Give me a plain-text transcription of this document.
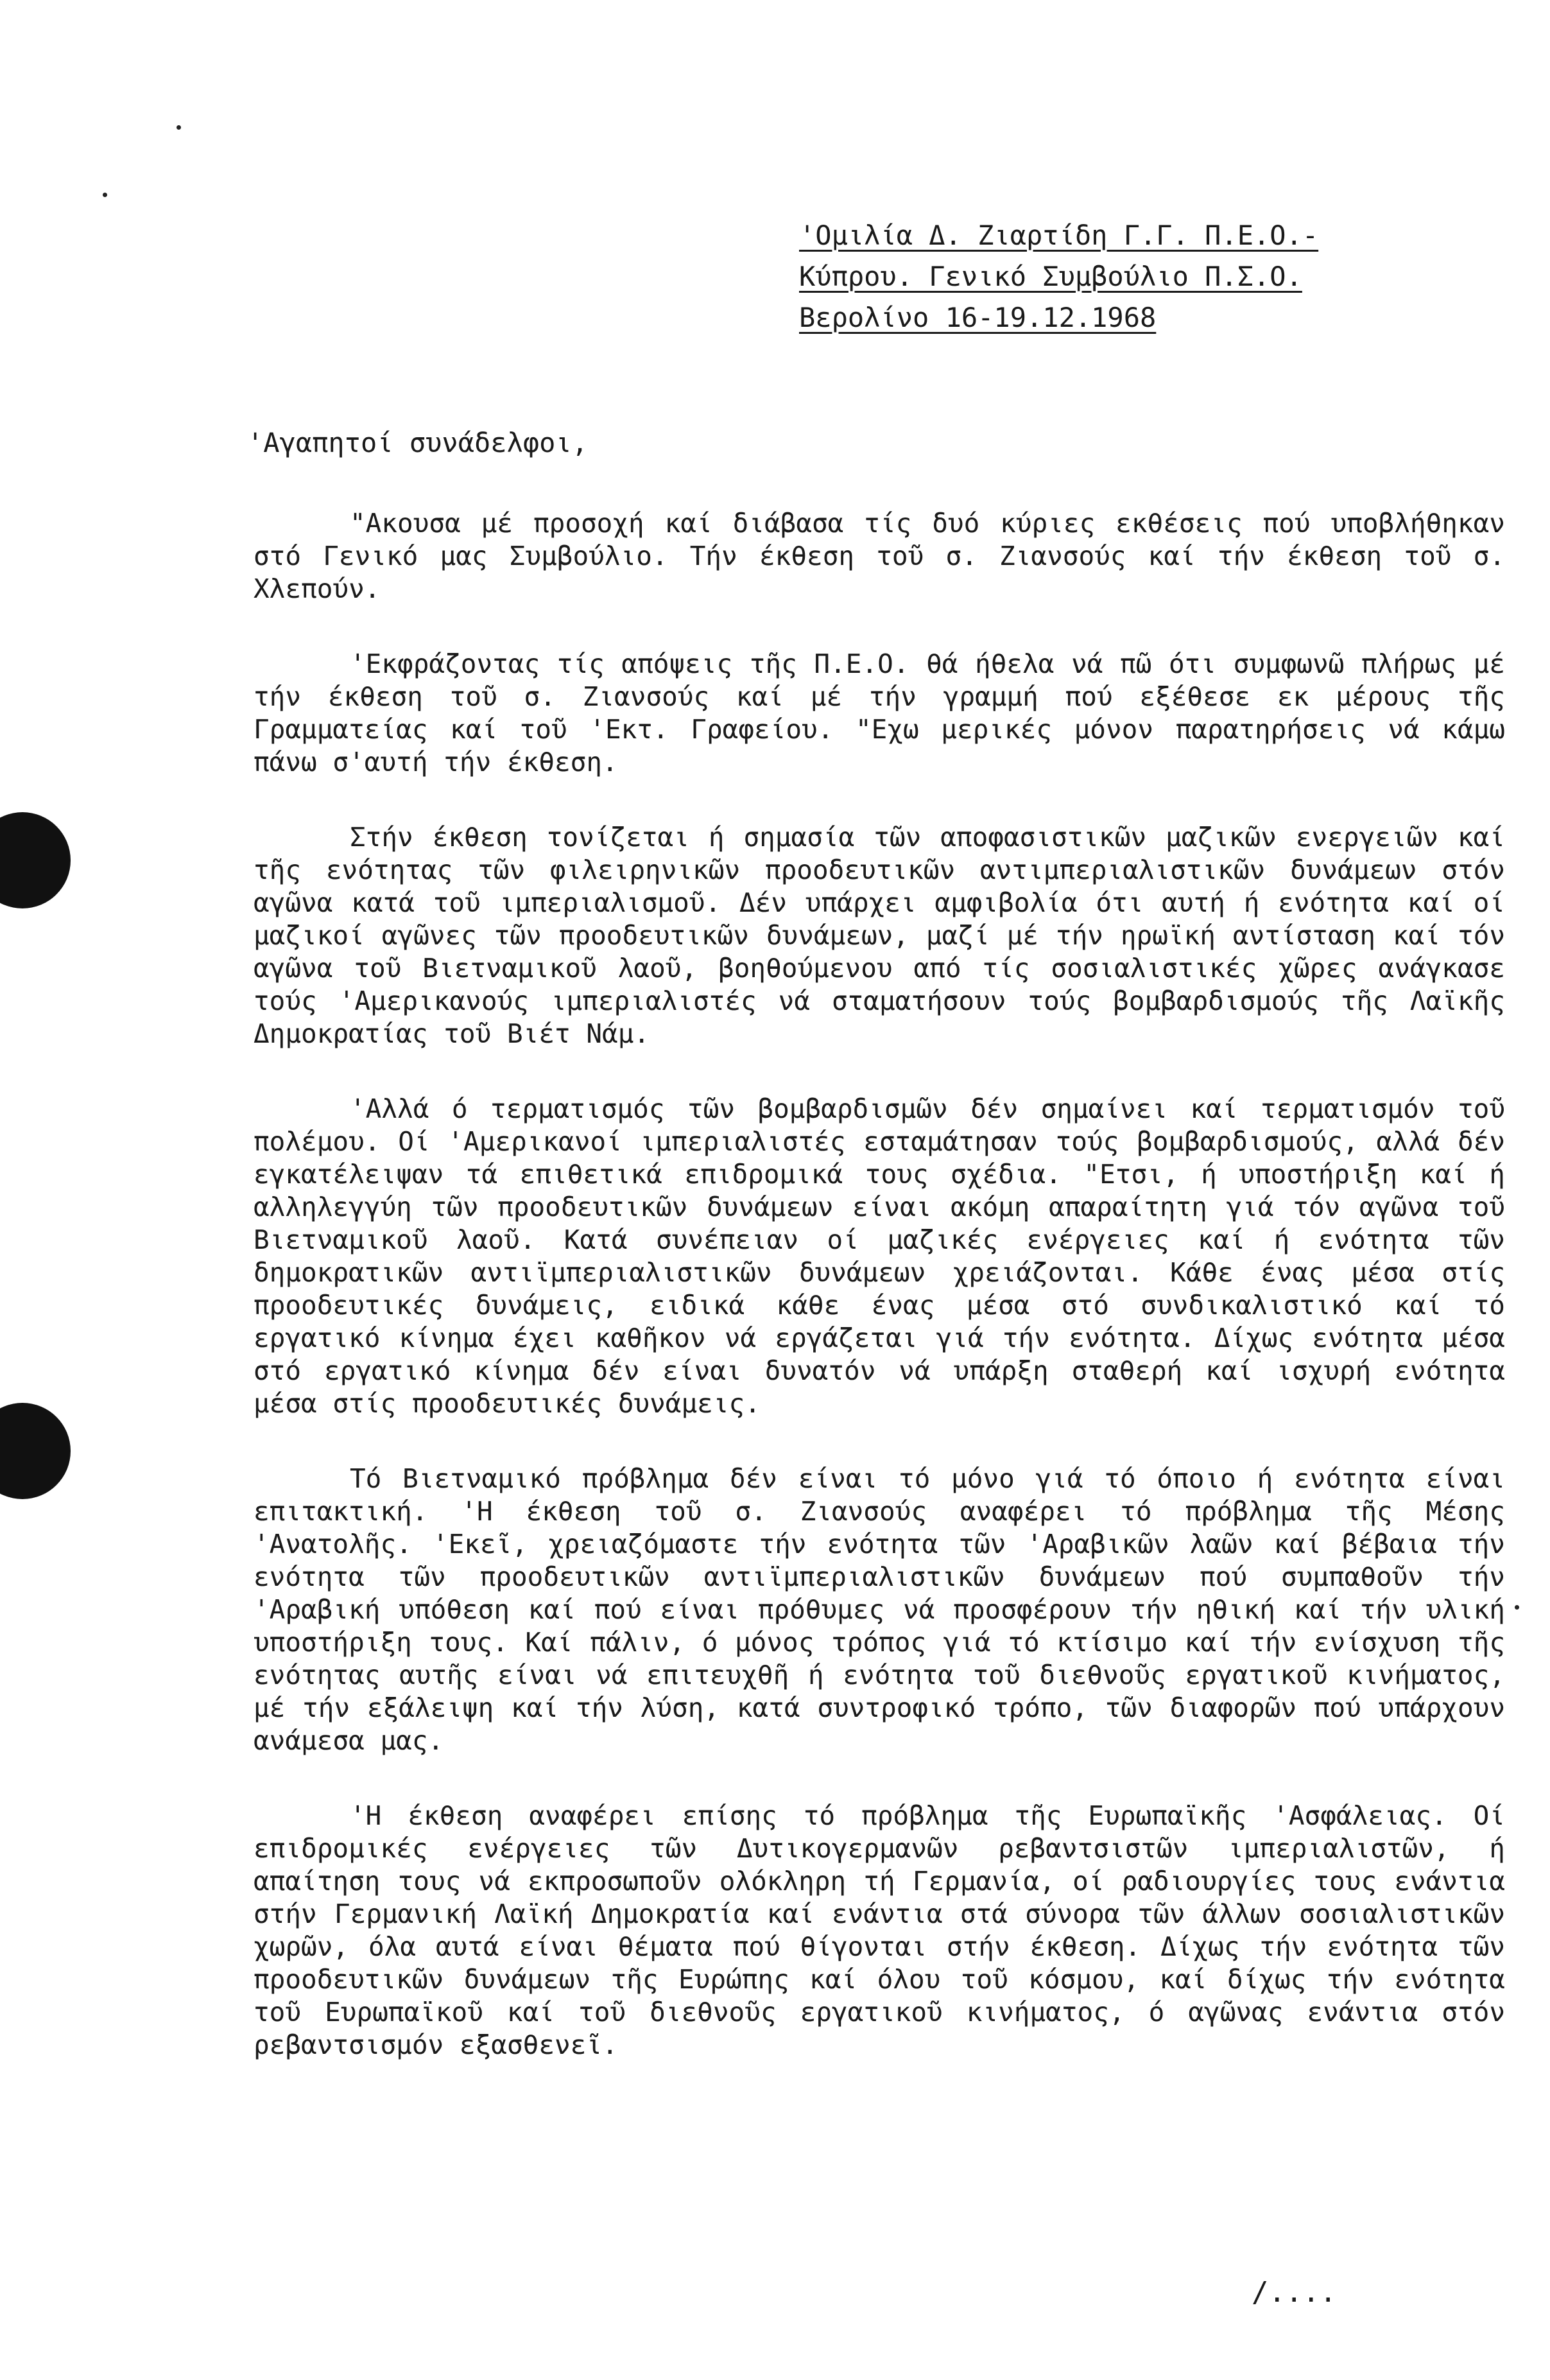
'Ομιλία Δ. Ζιαρτίδη Γ.Γ. Π.Ε.Ο.-
Κύπρου. Γενικό Συμβούλιο Π.Σ.Ο.
Βερολίνο 16-19.12.1968
'Αγαπητοί συνάδελφοι,

"Ακουσα μέ προσοχή καί διάβασα τίς δυό κύριες εκθέσεις πού υποβλήθηκαν στό Γενικό μας Συμβούλιο. Τήν έκθεση τοῦ σ. Ζιανσούς καί τήν έκθεση τοῦ σ. Χλεπούν.

'Εκφράζοντας τίς απόψεις τῆς Π.Ε.Ο. θά ήθελα νά πῶ ότι συμφωνῶ πλήρως μέ τήν έκθεση τοῦ σ. Ζιανσούς καί μέ τήν γραμμή πού εξέθεσε εκ μέρους τῆς Γραμματείας καί τοῦ 'Εκτ. Γραφείου. "Εχω μερικές μόνον παρατηρήσεις νά κάμω πάνω σ'αυτή τήν έκθεση.

Στήν έκθεση τονίζεται ή σημασία τῶν αποφασιστικῶν μαζικῶν ενεργειῶν καί τῆς ενότητας τῶν φιλειρηνικῶν προοδευτικῶν αντιμπεριαλιστικῶν δυνάμεων στόν αγῶνα κατά τοῦ ιμπεριαλισμοῦ. Δέν υπάρχει αμφιβολία ότι αυτή ή ενότητα καί οί μαζικοί αγῶνες τῶν προοδευτικῶν δυνάμεων, μαζί μέ τήν ηρωϊκή αντίσταση καί τόν αγῶνα τοῦ Βιετναμικοῦ λαοῦ, βοηθούμενου από τίς σοσιαλιστικές χῶρες ανάγκασε τούς 'Αμερικανούς ιμπεριαλιστές νά σταματήσουν τούς βομβαρδισμούς τῆς Λαϊκῆς Δημοκρατίας τοῦ Βιέτ Νάμ.

'Αλλά ό τερματισμός τῶν βομβαρδισμῶν δέν σημαίνει καί τερματισμόν τοῦ πολέμου. Οί 'Αμερικανοί ιμπεριαλιστές εσταμάτησαν τούς βομβαρδισμούς, αλλά δέν εγκατέλειψαν τά επιθετικά επιδρομικά τους σχέδια. "Ετσι, ή υποστήριξη καί ή αλληλεγγύη τῶν προοδευτικῶν δυνάμεων είναι ακόμη απαραίτητη γιά τόν αγῶνα τοῦ Βιετναμικοῦ λαοῦ. Κατά συνέπειαν οί μαζικές ενέργειες καί ή ενότητα τῶν δημοκρατικῶν αντιϊμπεριαλιστικῶν δυνάμεων χρειάζονται. Κάθε ένας μέσα στίς προοδευτικές δυνάμεις, ειδικά κάθε ένας μέσα στό συνδικαλιστικό καί τό εργατικό κίνημα έχει καθῆκον νά εργάζεται γιά τήν ενότητα. Δίχως ενότητα μέσα στό εργατικό κίνημα δέν είναι δυνατόν νά υπάρξη σταθερή καί ισχυρή ενότητα μέσα στίς προοδευτικές δυνάμεις.

Τό Βιετναμικό πρόβλημα δέν είναι τό μόνο γιά τό όποιο ή ενότητα είναι επιτακτική. 'Η έκθεση τοῦ σ. Ζιανσούς αναφέρει τό πρόβλημα τῆς Μέσης 'Ανατολῆς. 'Εκεῖ, χρειαζόμαστε τήν ενότητα τῶν 'Αραβικῶν λαῶν καί βέβαια τήν ενότητα τῶν προοδευτικῶν αντιϊμπεριαλιστικῶν δυνάμεων πού συμπαθοῦν τήν 'Αραβική υπόθεση καί πού είναι πρόθυμες νά προσφέρουν τήν ηθική καί τήν υλική υποστήριξη τους. Καί πάλιν, ό μόνος τρόπος γιά τό κτίσιμο καί τήν ενίσχυση τῆς ενότητας αυτῆς είναι νά επιτευχθῆ ή ενότητα τοῦ διεθνοῦς εργατικοῦ κινήματος, μέ τήν εξάλειψη καί τήν λύση, κατά συντροφικό τρόπο, τῶν διαφορῶν πού υπάρχουν ανάμεσα μας.

'Η έκθεση αναφέρει επίσης τό πρόβλημα τῆς Ευρωπαϊκῆς 'Ασφάλειας. Οί επιδρομικές ενέργειες τῶν Δυτικογερμανῶν ρεβαντσιστῶν ιμπεριαλιστῶν, ή απαίτηση τους νά εκπροσωποῦν ολόκληρη τή Γερμανία, οί ραδιουργίες τους ενάντια στήν Γερμανική Λαϊκή Δημοκρατία καί ενάντια στά σύνορα τῶν άλλων σοσιαλιστικῶν χωρῶν, όλα αυτά είναι θέματα πού θίγονται στήν έκθεση. Δίχως τήν ενότητα τῶν προοδευτικῶν δυνάμεων τῆς Ευρώπης καί όλου τοῦ κόσμου, καί δίχως τήν ενότητα τοῦ Ευρωπαϊκοῦ καί τοῦ διεθνοῦς εργατικοῦ κινήματος, ό αγῶνας ενάντια στόν ρεβαντσισμόν εξασθενεῖ.

/....
